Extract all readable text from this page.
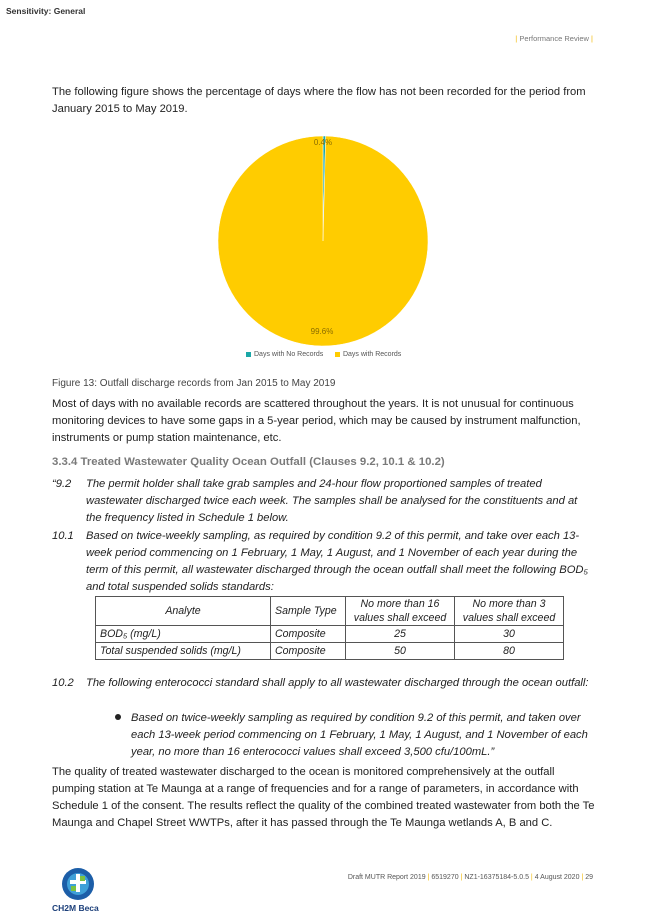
Sensitivity: General
| Performance Review |
The following figure shows the percentage of days where the flow has not been recorded for the period from January 2015 to May 2019.
0.4%
99.6%
Days with No Records	Days with Records
Figure 13: Outfall discharge records from Jan 2015 to May 2019
Most of days with no available records are scattered throughout the years. It is not unusual for continuous monitoring devices to have some gaps in a 5-year period, which may be caused by instrument malfunction, instruments or pump station maintenance, etc.
3.3.4 Treated Wastewater Quality Ocean Outfall (Clauses 9.2, 10.1 & 10.2)
“9.2 The permit holder shall take grab samples and 24-hour flow proportioned samples of treated wastewater discharged twice each week. The samples shall be analysed for the constituents and at the frequency listed in Schedule 1 below.
10.1 Based on twice-weekly sampling, as required by condition 9.2 of this permit, and take over each 13-week period commencing on 1 February, 1 May, 1 August, and 1 November of each year during the term of this permit, all wastewater discharged through the ocean outfall shall meet the following BOD₅ and total suspended solids standards:
Analyte	Sample Type	No more than 16 values shall exceed	No more than 3 values shall exceed
BOD₅ (mg/L)	Composite	25	30
Total suspended solids (mg/L)	Composite	50	80
10.2 The following enterococci standard shall apply to all wastewater discharged through the ocean outfall:
Based on twice-weekly sampling as required by condition 9.2 of this permit, and taken over each 13-week period commencing on 1 February, 1 May, 1 August, and 1 November of each year, no more than 16 enterococci values shall exceed 3,500 cfu/100mL.”
The quality of treated wastewater discharged to the ocean is monitored comprehensively at the outfall pumping station at Te Maunga at a range of frequencies and for a range of parameters, in accordance with Schedule 1 of the consent. The results reflect the quality of the combined treated wastewater from both the Te Maunga and Chapel Street WWTPs, after it has passed through the Te Maunga wetlands A, B and C.
CH2M Beca
Draft MUTR Report 2019 | 6519270 | NZ1-16375184-5.0.5 | 4 August 2020 | 29
